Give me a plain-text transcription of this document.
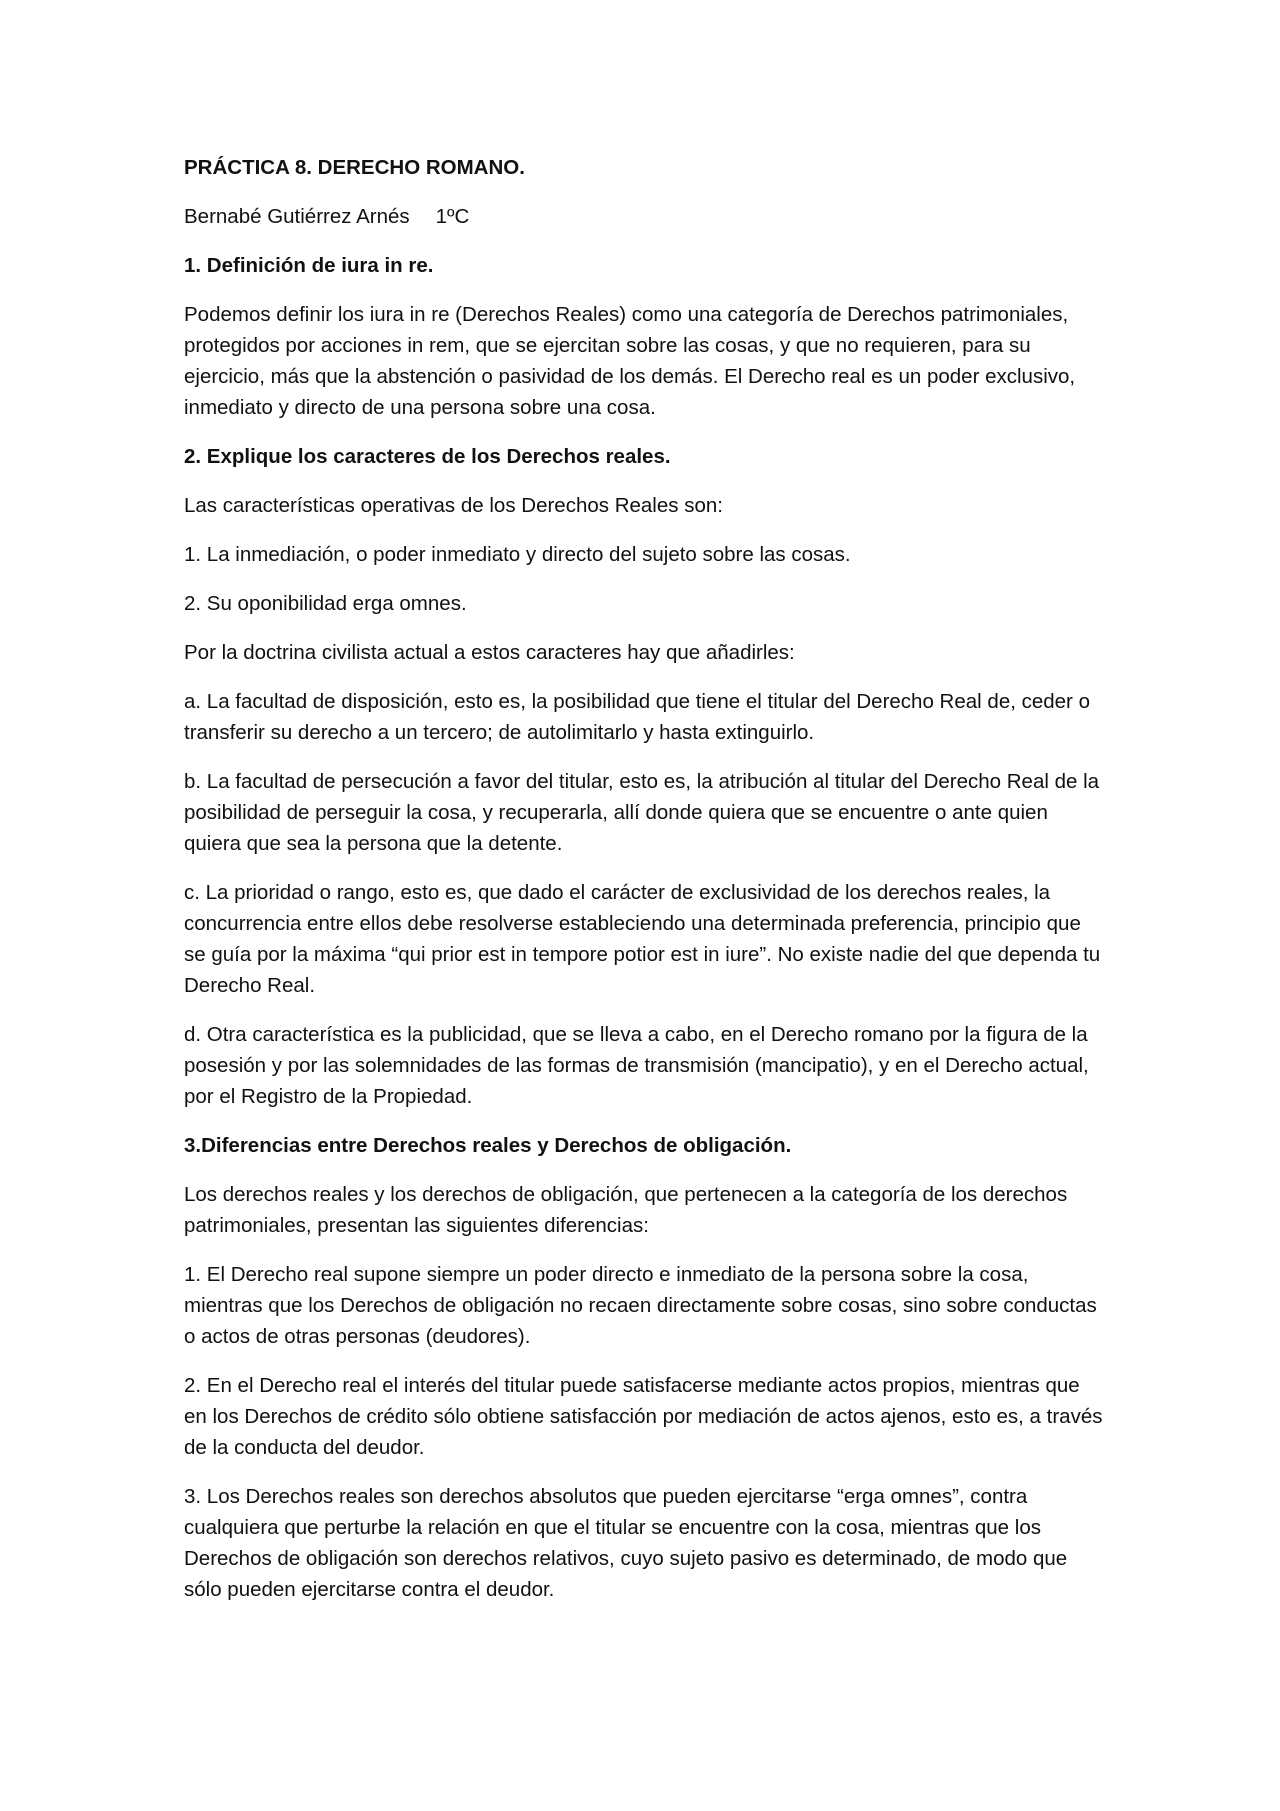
PRÁCTICA 8. DERECHO ROMANO.

Bernabé Gutiérrez Arnés 1ºC

1. Definición de iura in re.

Podemos definir los iura in re (Derechos Reales) como una categoría de Derechos patrimoniales, protegidos por acciones in rem, que se ejercitan sobre las cosas, y que no requieren, para su ejercicio, más que la abstención o pasividad de los demás. El Derecho real es un poder exclusivo, inmediato y directo de una persona sobre una cosa.

2. Explique los caracteres de los Derechos reales.

Las características operativas de los Derechos Reales son:

1. La inmediación, o poder inmediato y directo del sujeto sobre las cosas.

2. Su oponibilidad erga omnes.

Por la doctrina civilista actual a estos caracteres hay que añadirles:

a. La facultad de disposición, esto es, la posibilidad que tiene el titular del Derecho Real de, ceder o transferir su derecho a un tercero; de autolimitarlo y hasta extinguirlo.

b. La facultad de persecución a favor del titular, esto es, la atribución al titular del Derecho Real de la posibilidad de perseguir la cosa, y recuperarla, allí donde quiera que se encuentre o ante quien quiera que sea la persona que la detente.

c. La prioridad o rango, esto es, que dado el carácter de exclusividad de los derechos reales, la concurrencia entre ellos debe resolverse estableciendo una determinada preferencia, principio que se guía por la máxima “qui prior est in tempore potior est in iure”. No existe nadie del que dependa tu Derecho Real.

d. Otra característica es la publicidad, que se lleva a cabo, en el Derecho romano por la figura de la posesión y por las solemnidades de las formas de transmisión (mancipatio), y en el Derecho actual, por el Registro de la Propiedad.

3.Diferencias entre Derechos reales y Derechos de obligación.

Los derechos reales y los derechos de obligación, que pertenecen a la categoría de los derechos patrimoniales, presentan las siguientes diferencias:

1. El Derecho real supone siempre un poder directo e inmediato de la persona sobre la cosa, mientras que los Derechos de obligación no recaen directamente sobre cosas, sino sobre conductas o actos de otras personas (deudores).

2. En el Derecho real el interés del titular puede satisfacerse mediante actos propios, mientras que en los Derechos de crédito sólo obtiene satisfacción por mediación de actos ajenos, esto es, a través de la conducta del deudor.

3. Los Derechos reales son derechos absolutos que pueden ejercitarse “erga omnes”, contra cualquiera que perturbe la relación en que el titular se encuentre con la cosa, mientras que los Derechos de obligación son derechos relativos, cuyo sujeto pasivo es determinado, de modo que sólo pueden ejercitarse contra el deudor.
